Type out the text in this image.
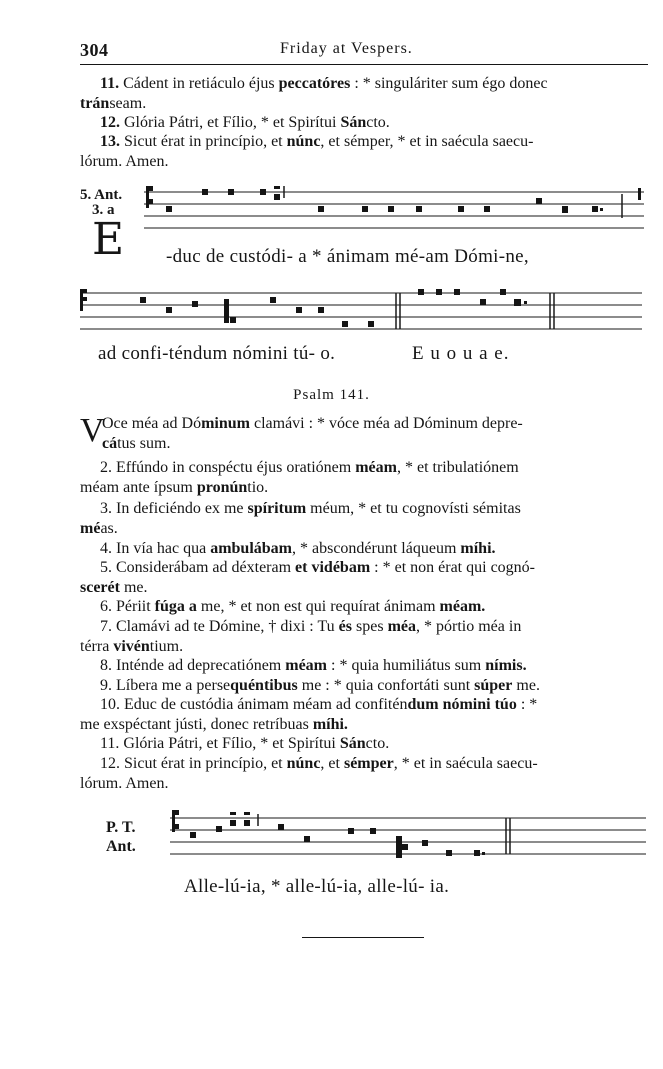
304	Friday at Vespers.

11. Cádent in retiáculo éjus peccatóres : * singuláriter sum égo donec
tránseam.

12. Glória Pátri, et Fílio, * et Spirítui Sáncto.

13. Sicut érat in princípio, et núnc, et sémper, * et in saécula saecu-
lórum. Amen.

5. Ant.
3. a
E -duc de custódi- a * ánimam mé-am Dómi-ne,
ad confi-téndum nómini tú- o.	E u o u a e.
Psalm 141.

V
Oce méa ad Dóminum clamávi : * vóce méa ad Dóminum depre-
cátus sum.

2. Effúndo in conspéctu éjus oratiónem méam, * et tribulatiónem
méam ante ípsum pronúntio.

3. In deficiéndo ex me spíritum méum, * et tu cognovísti sémitas
méas.

4. In vía hac qua ambulábam, * abscondérunt láqueum míhi.

5. Considerábam ad déxteram et vidébam : * et non érat qui cognó-
scerét me.

6. Périit fúga a me, * et non est qui requírat ánimam méam.

7. Clamávi ad te Dómine, † dixi : Tu és spes méa, * pórtio méa in
térra vivéntium.

8. Inténde ad deprecatiónem méam : * quia humiliátus sum nímis.

9. Líbera me a persequéntibus me : * quia confortáti sunt súper me.

10. Educ de custódia ánimam méam ad confiténdum nómini túo : *
me exspéctant jústi, donec retríbuas míhi.

11. Glória Pátri, et Fílio, * et Spirítui Sáncto.

12. Sicut érat in princípio, et núnc, et sémper, * et in saécula saecu-
lórum. Amen.

P. T.
Ant.
Alle-lú-ia, * alle-lú-ia, alle-lú- ia.
